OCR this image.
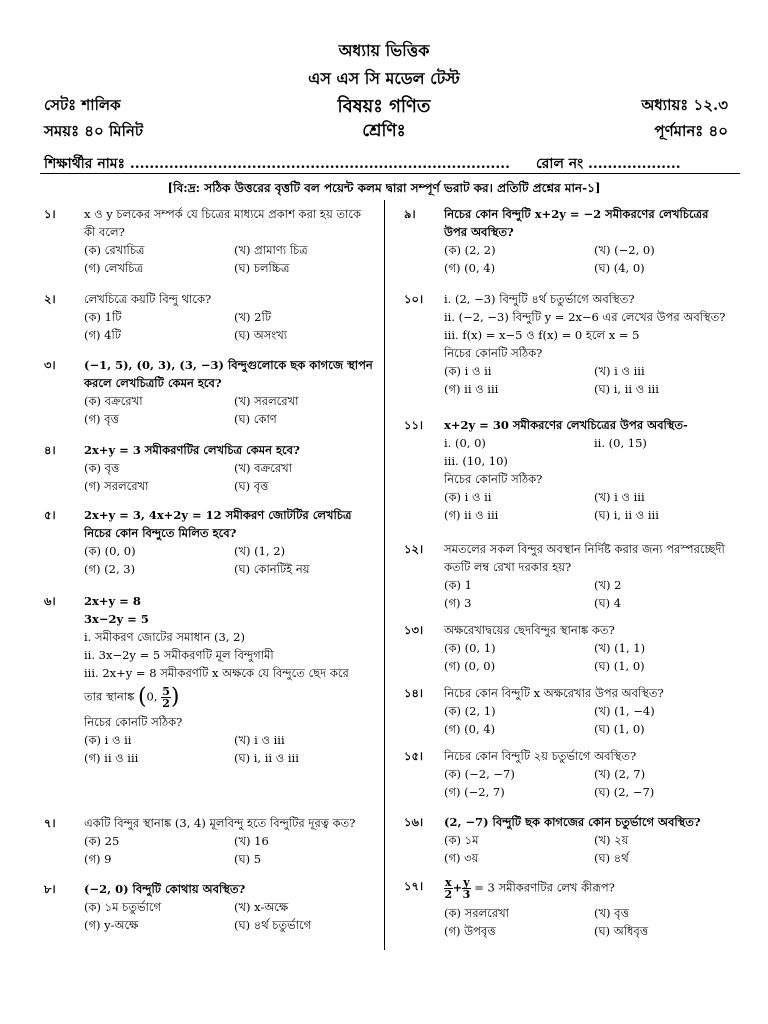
অধ্যায় ভিত্তিক
এস এস সি মডেল টেস্ট
সেটঃ শালিক	বিষয়ঃ গণিত	অধ্যায়ঃ ১২.৩
সময়ঃ ৪০ মিনিট	শ্রেণিঃ	পূর্ণমানঃ ৪০
শিক্ষার্থীর নামঃ .............................................................................. রোল নং ...................
[বি:দ্র: সঠিক উত্তরের বৃত্তটি বল পয়েন্ট কলম দ্বারা সম্পূর্ণ ভরাট কর। প্রতিটি প্রশ্নের মান-১]
১।	x ও y চলকের সম্পর্ক যে চিত্রের মাধ্যমে প্রকাশ করা হয় তাকে কী বলে?
(ক) রেখাচিত্র	(খ) প্রামাণ্য চিত্র
(গ) লেখচিত্র	(ঘ) চলচ্চিত্র
২।	লেখচিত্রে কয়টি বিন্দু থাকে?
(ক) 1টি	(খ) 2টি
(গ) 4টি	(ঘ) অসংখ্য
৩।	(−1, 5), (0, 3), (3, −3) বিন্দুগুলোকে ছক কাগজে স্থাপন করলে লেখচিত্রটি কেমন হবে?
(ক) বক্ররেখা	(খ) সরলরেখা
(গ) বৃত্ত	(ঘ) কোণ
৪।	2x+y = 3 সমীকরণটির লেখচিত্র কেমন হবে?
(ক) বৃত্ত	(খ) বক্ররেখা
(গ) সরলরেখা	(ঘ) বৃত্ত
৫।	2x+y = 3, 4x+2y = 12 সমীকরণ জোটটির লেখচিত্র নিচের কোন বিন্দুতে মিলিত হবে?
(ক) (0, 0)	(খ) (1, 2)
(গ) (2, 3)	(ঘ) কোনটিই নয়
৬।	2x+y = 8
3x−2y = 5
i. সমীকরণ জোটের সমাধান (3, 2)
ii. 3x−2y = 5 সমীকরণটি মূল বিন্দুগামী
iii. 2x+y = 8 সমীকরণটি x অক্ষকে যে বিন্দুতে ছেদ করে
তার স্থানাঙ্ক (0, $\frac{5}{2}$ )
নিচের কোনটি সঠিক?
(ক) i ও ii	(খ) i ও iii
(গ) ii ও iii	(ঘ) i, ii ও iii
৭।	একটি বিন্দুর স্থানাঙ্ক (3, 4) মূলবিন্দু হতে বিন্দুটির দূরত্ব কত?
(ক) 25	(খ) 16
(গ) 9	(ঘ) 5
৮।	(−2, 0) বিন্দুটি কোথায় অবস্থিত?
(ক) ১ম চতুর্ভাগে	(খ) x-অক্ষে
(গ) y-অক্ষে	(ঘ) ৪র্থ চতুর্ভাগে
৯।	নিচের কোন বিন্দুটি x+2y = −2 সমীকরণের লেখচিত্রের উপর অবস্থিত?
(ক) (2, 2)	(খ) (−2, 0)
(গ) (0, 4)	(ঘ) (4, 0)
১০।	i. (2, −3) বিন্দুটি ৪র্থ চতুর্ভাগে অবস্থিত?
ii. (−2, −3) বিন্দুটি y = 2x−6 এর লেখের উপর অবস্থিত?
iii. f(x) = x−5 ও f(x) = 0 হলে x = 5
নিচের কোনটি সঠিক?
(ক) i ও ii	(খ) i ও iii
(গ) ii ও iii	(ঘ) i, ii ও iii
১১।	x+2y = 30 সমীকরণের লেখচিত্রের উপর অবস্থিত-
i. (0, 0)	ii. (0, 15)
iii. (10, 10)
নিচের কোনটি সঠিক?
(ক) i ও ii	(খ) i ও iii
(গ) ii ও iii	(ঘ) i, ii ও iii
১২।	সমতলের সকল বিন্দুর অবস্থান নির্দিষ্ট করার জন্য পরস্পরচ্ছেদী কতটি লম্ব রেখা দরকার হয়?
(ক) 1	(খ) 2
(গ) 3	(ঘ) 4
১৩।	অক্ষরেখাদ্বয়ের ছেদবিন্দুর স্থানাঙ্ক কত?
(ক) (0, 1)	(খ) (1, 1)
(গ) (0, 0)	(ঘ) (1, 0)
১৪।	নিচের কোন বিন্দুটি x অক্ষরেখার উপর অবস্থিত?
(ক) (2, 1)	(খ) (1, −4)
(গ) (0, 4)	(ঘ) (1, 0)
১৫।	নিচের কোন বিন্দুটি ২য় চতুর্ভাগে অবস্থিত?
(ক) (−2, −7)	(খ) (2, 7)
(গ) (−2, 7)	(ঘ) (2, −7)
১৬।	(2, −7) বিন্দুটি ছক কাগজের কোন চতুর্ভাগে অবস্থিত?
(ক) ১ম	(খ) ২য়
(গ) ৩য়	(ঘ) ৪র্থ
১৭।	$\frac{x}{2} + \frac{y}{3} = 3$ সমীকরণটির লেখ কীরূপ?
(ক) সরলরেখা	(খ) বৃত্ত
(গ) উপবৃত্ত	(ঘ) অধিবৃত্ত
